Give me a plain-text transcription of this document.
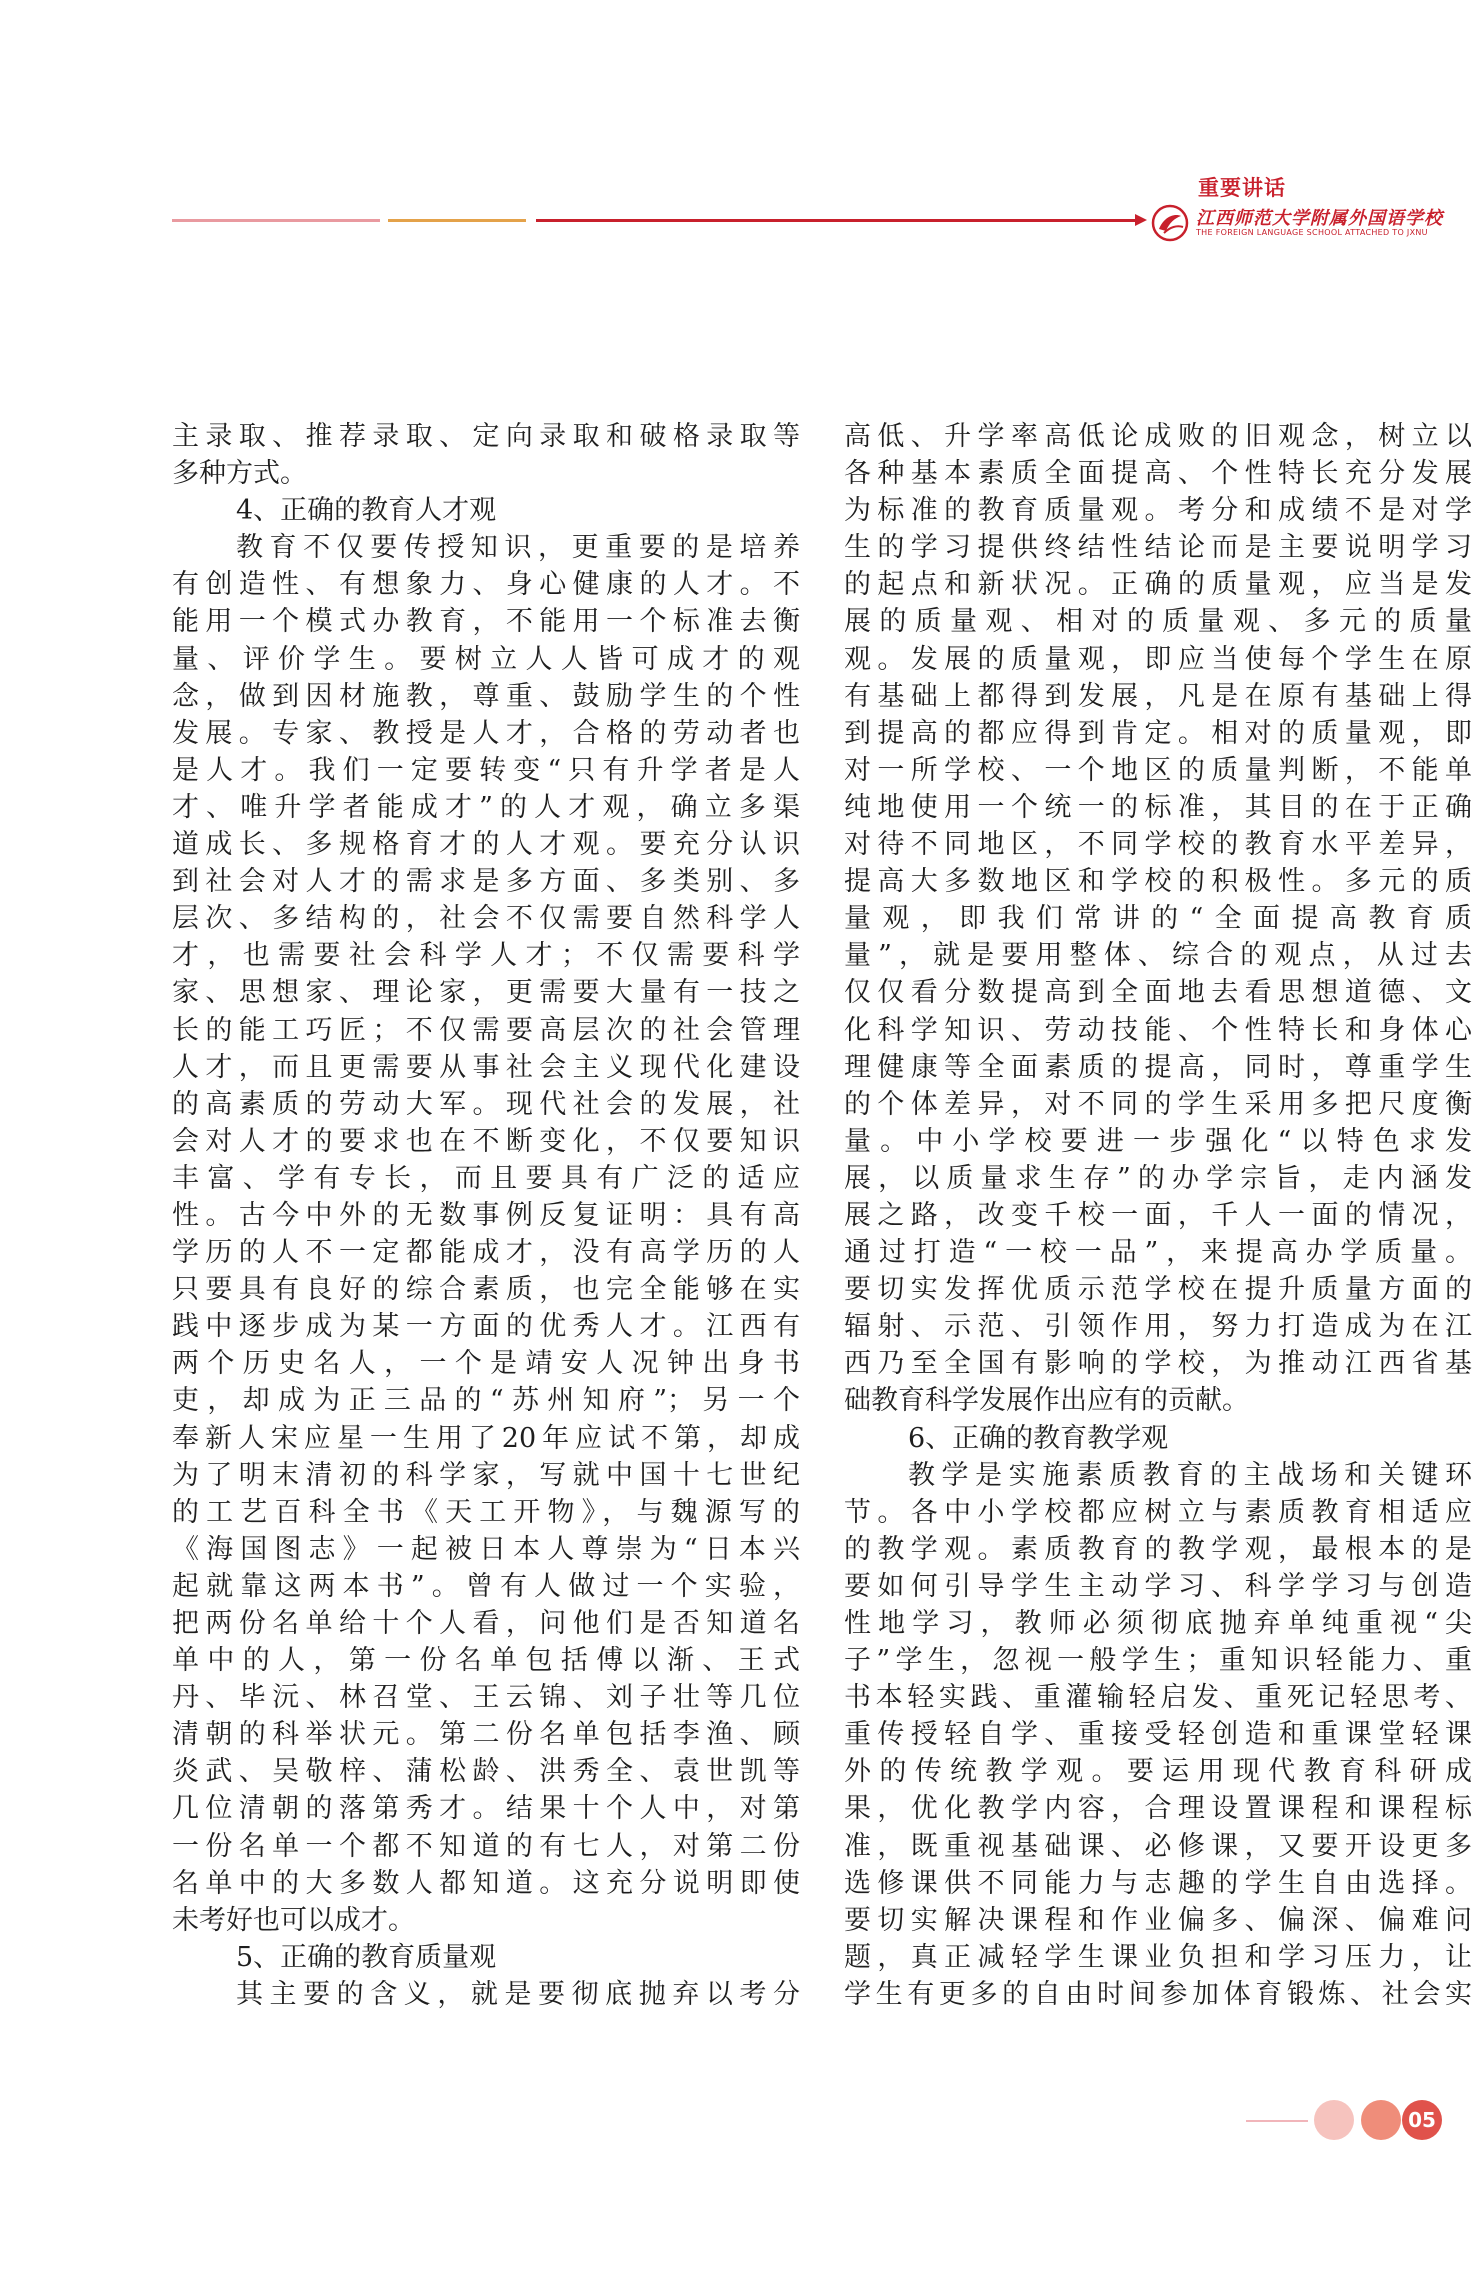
重要讲话
江西师范大学附属外国语学校
THE FOREIGN LANGUAGE SCHOOL ATTACHED TO JXNU
主录取、推荐录取、定向录取和破格录取等
多种方式。
4、正确的教育人才观
教育不仅要传授知识，更重要的是培养
有创造性、有想象力、身心健康的人才。不
能用一个模式办教育，不能用一个标准去衡
量、评价学生。要树立人人皆可成才的观
念，做到因材施教，尊重、鼓励学生的个性
发展。专家、教授是人才，合格的劳动者也
是人才。我们一定要转变“只有升学者是人
才、唯升学者能成才”的人才观，确立多渠
道成长、多规格育才的人才观。要充分认识
到社会对人才的需求是多方面、多类别、多
层次、多结构的，社会不仅需要自然科学人
才，也需要社会科学人才；不仅需要科学
家、思想家、理论家，更需要大量有一技之
长的能工巧匠；不仅需要高层次的社会管理
人才，而且更需要从事社会主义现代化建设
的高素质的劳动大军。现代社会的发展，社
会对人才的要求也在不断变化，不仅要知识
丰富、学有专长，而且要具有广泛的适应
性。古今中外的无数事例反复证明：具有高
学历的人不一定都能成才，没有高学历的人
只要具有良好的综合素质，也完全能够在实
践中逐步成为某一方面的优秀人才。江西有
两个历史名人，一个是靖安人况钟出身书
吏，却成为正三品的“苏州知府”；另一个
奉新人宋应星一生用了20年应试不第，却成
为了明末清初的科学家，写就中国十七世纪
的工艺百科全书《天工开物》，与魏源写的
《海国图志》一起被日本人尊崇为“日本兴
起就靠这两本书”。曾有人做过一个实验，
把两份名单给十个人看，问他们是否知道名
单中的人，第一份名单包括傅以渐、王式
丹、毕沅、林召堂、王云锦、刘子壮等几位
清朝的科举状元。第二份名单包括李渔、顾
炎武、吴敬梓、蒲松龄、洪秀全、袁世凯等
几位清朝的落第秀才。结果十个人中，对第
一份名单一个都不知道的有七人，对第二份
名单中的大多数人都知道。这充分说明即使
未考好也可以成才。
5、正确的教育质量观
其主要的含义，就是要彻底抛弃以考分
高低、升学率高低论成败的旧观念，树立以
各种基本素质全面提高、个性特长充分发展
为标准的教育质量观。考分和成绩不是对学
生的学习提供终结性结论而是主要说明学习
的起点和新状况。正确的质量观，应当是发
展的质量观、相对的质量观、多元的质量
观。发展的质量观，即应当使每个学生在原
有基础上都得到发展，凡是在原有基础上得
到提高的都应得到肯定。相对的质量观，即
对一所学校、一个地区的质量判断，不能单
纯地使用一个统一的标准，其目的在于正确
对待不同地区，不同学校的教育水平差异，
提高大多数地区和学校的积极性。多元的质
量观，即我们常讲的“全面提高教育质
量”，就是要用整体、综合的观点，从过去
仅仅看分数提高到全面地去看思想道德、文
化科学知识、劳动技能、个性特长和身体心
理健康等全面素质的提高，同时，尊重学生
的个体差异，对不同的学生采用多把尺度衡
量。中小学校要进一步强化“以特色求发
展，以质量求生存”的办学宗旨，走内涵发
展之路，改变千校一面，千人一面的情况，
通过打造“一校一品”，来提高办学质量。
要切实发挥优质示范学校在提升质量方面的
辐射、示范、引领作用，努力打造成为在江
西乃至全国有影响的学校，为推动江西省基
础教育科学发展作出应有的贡献。
6、正确的教育教学观
教学是实施素质教育的主战场和关键环
节。各中小学校都应树立与素质教育相适应
的教学观。素质教育的教学观，最根本的是
要如何引导学生主动学习、科学学习与创造
性地学习，教师必须彻底抛弃单纯重视“尖
子”学生，忽视一般学生；重知识轻能力、重
书本轻实践、重灌输轻启发、重死记轻思考、
重传授轻自学、重接受轻创造和重课堂轻课
外的传统教学观。要运用现代教育科研成
果，优化教学内容，合理设置课程和课程标
准，既重视基础课、必修课，又要开设更多
选修课供不同能力与志趣的学生自由选择。
要切实解决课程和作业偏多、偏深、偏难问
题，真正减轻学生课业负担和学习压力，让
学生有更多的自由时间参加体育锻炼、社会实
05
